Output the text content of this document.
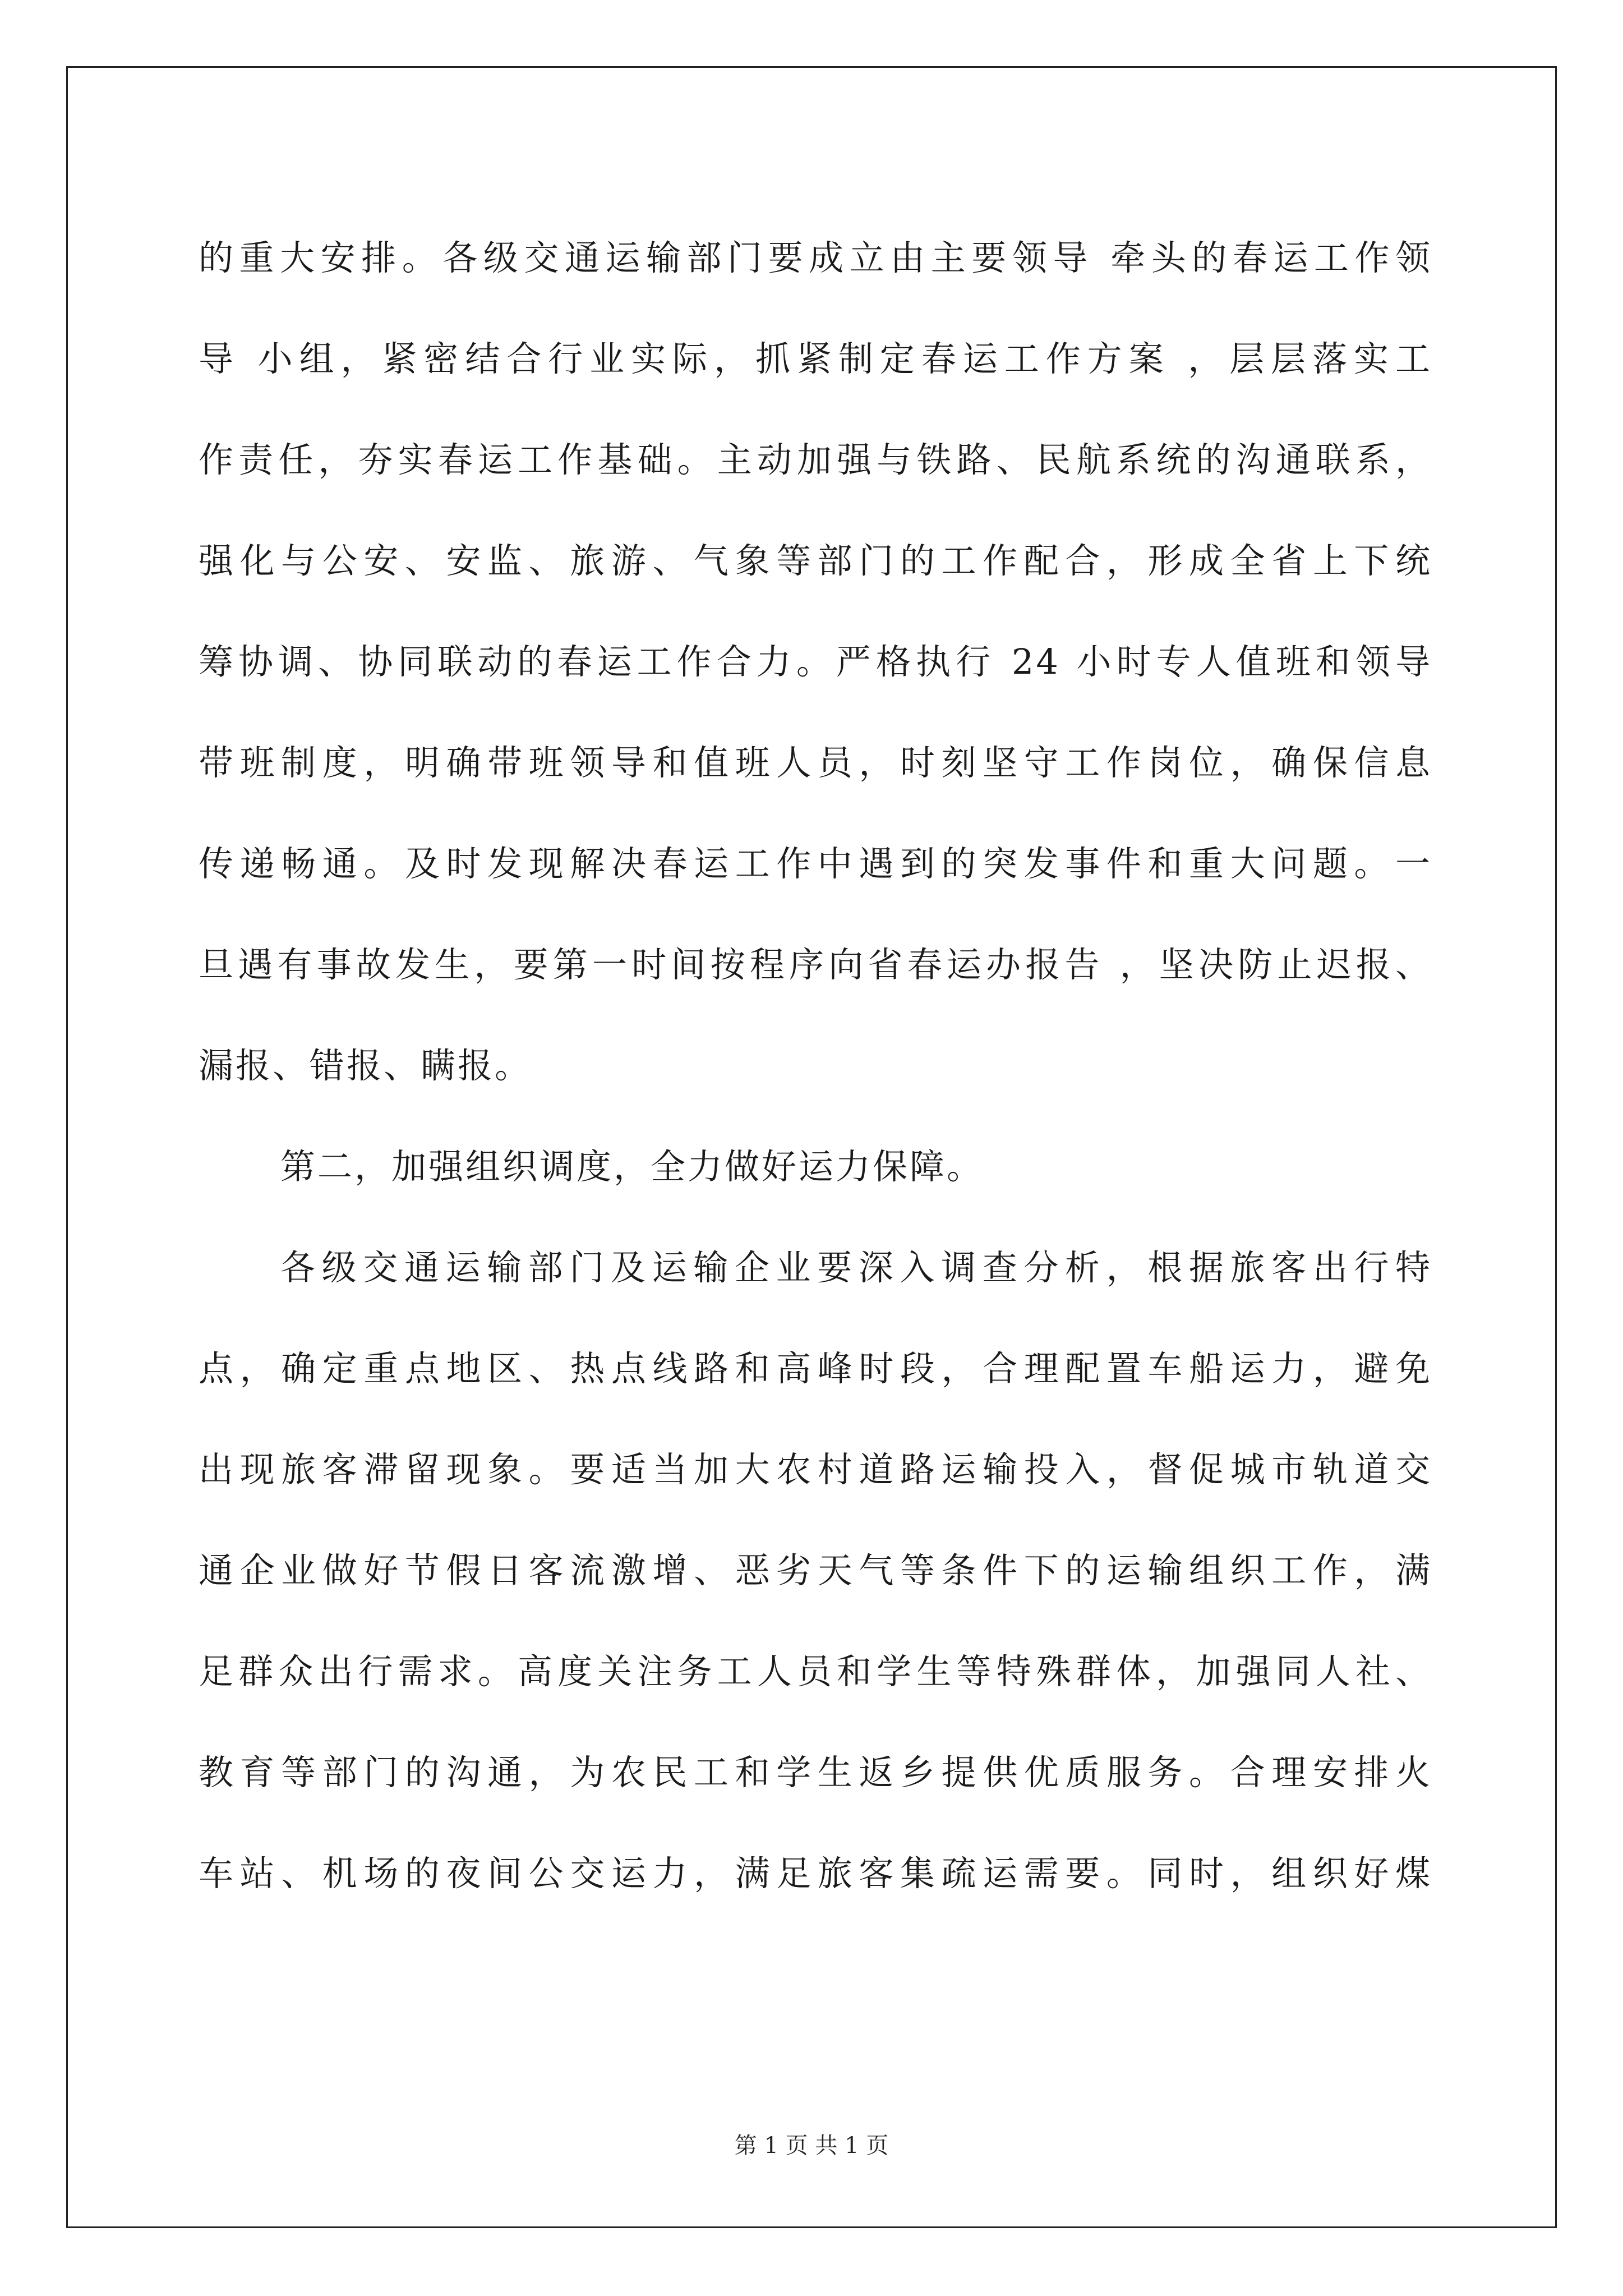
的重大安排。各级交通运输部门要成立由主要领导 牵头的春运工作领
导 小组，紧密结合行业实际，抓紧制定春运工作方案 ，层层落实工
作责任，夯实春运工作基础。主动加强与铁路、民航系统的沟通联系，
强化与公安、安监、旅游、气象等部门的工作配合，形成全省上下统
筹协调、协同联动的春运工作合力。严格执行 24 小时专人值班和领导
带班制度，明确带班领导和值班人员，时刻坚守工作岗位，确保信息
传递畅通。及时发现解决春运工作中遇到的突发事件和重大问题。一
旦遇有事故发生，要第一时间按程序向省春运办报告 ，坚决防止迟报、
漏报、错报、瞒报。
第二，加强组织调度，全力做好运力保障。
各级交通运输部门及运输企业要深入调查分析，根据旅客出行特
点，确定重点地区、热点线路和高峰时段，合理配置车船运力，避免
出现旅客滞留现象。要适当加大农村道路运输投入，督促城市轨道交
通企业做好节假日客流激增、恶劣天气等条件下的运输组织工作，满
足群众出行需求。高度关注务工人员和学生等特殊群体，加强同人社、
教育等部门的沟通，为农民工和学生返乡提供优质服务。合理安排火
车站、机场的夜间公交运力，满足旅客集疏运需要。同时，组织好煤
第 1 页 共 1 页
